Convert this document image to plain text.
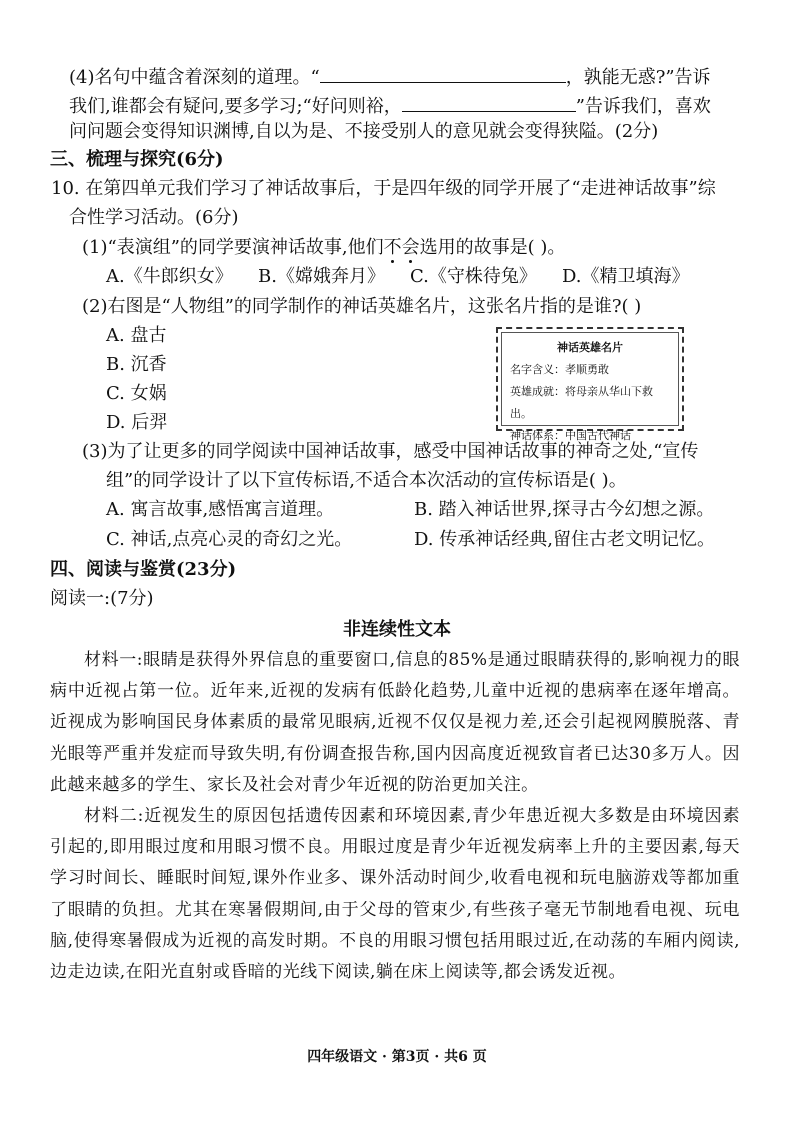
(4)名句中蕴含着深刻的道理。“	，孰能无惑?”告诉
我们,谁都会有疑问,要多学习;“好问则裕，	”告诉我们，喜欢
问问题会变得知识渊博,自以为是、不接受别人的意见就会变得狭隘。(2分)
三、梳理与探究(6分)
10. 在第四单元我们学习了神话故事后，于是四年级的同学开展了“走进神话故事”综
合性学习活动。(6分)
(1)“表演组”的同学要演神话故事,他们不会选用的故事是( )。
A.《牛郎织女》 B.《嫦娥奔月》 C.《守株待兔》 D.《精卫填海》
(2)右图是“人物组”的同学制作的神话英雄名片，这张名片指的是谁?( )
A. 盘古
B. 沉香
C. 女娲
D. 后羿
神话英雄名片
名字含义：孝顺勇敢
英雄成就：将母亲从华山下救出。
神话体系：中国古代神话
(3)为了让更多的同学阅读中国神话故事，感受中国神话故事的神奇之处,“宣传
组”的同学设计了以下宣传标语,不适合本次活动的宣传标语是( )。
A. 寓言故事,感悟寓言道理。	B. 踏入神话世界,探寻古今幻想之源。
C. 神话,点亮心灵的奇幻之光。	D. 传承神话经典,留住古老文明记忆。
四、阅读与鉴赏(23分)
阅读一:(7分)
非连续性文本

材料一:眼睛是获得外界信息的重要窗口,信息的85%是通过眼睛获得的,影响视力的眼病中近视占第一位。近年来,近视的发病有低龄化趋势,儿童中近视的患病率在逐年增高。近视成为影响国民身体素质的最常见眼病,近视不仅仅是视力差,还会引起视网膜脱落、青光眼等严重并发症而导致失明,有份调查报告称,国内因高度近视致盲者已达30多万人。因此越来越多的学生、家长及社会对青少年近视的防治更加关注。

材料二:近视发生的原因包括遗传因素和环境因素,青少年患近视大多数是由环境因素引起的,即用眼过度和用眼习惯不良。用眼过度是青少年近视发病率上升的主要因素,每天学习时间长、睡眠时间短,课外作业多、课外活动时间少,收看电视和玩电脑游戏等都加重了眼睛的负担。尤其在寒暑假期间,由于父母的管束少,有些孩子毫无节制地看电视、玩电脑,使得寒暑假成为近视的高发时期。不良的用眼习惯包括用眼过近,在动荡的车厢内阅读,边走边读,在阳光直射或昏暗的光线下阅读,躺在床上阅读等,都会诱发近视。

四年级语文 · 第3页 · 共6 页
